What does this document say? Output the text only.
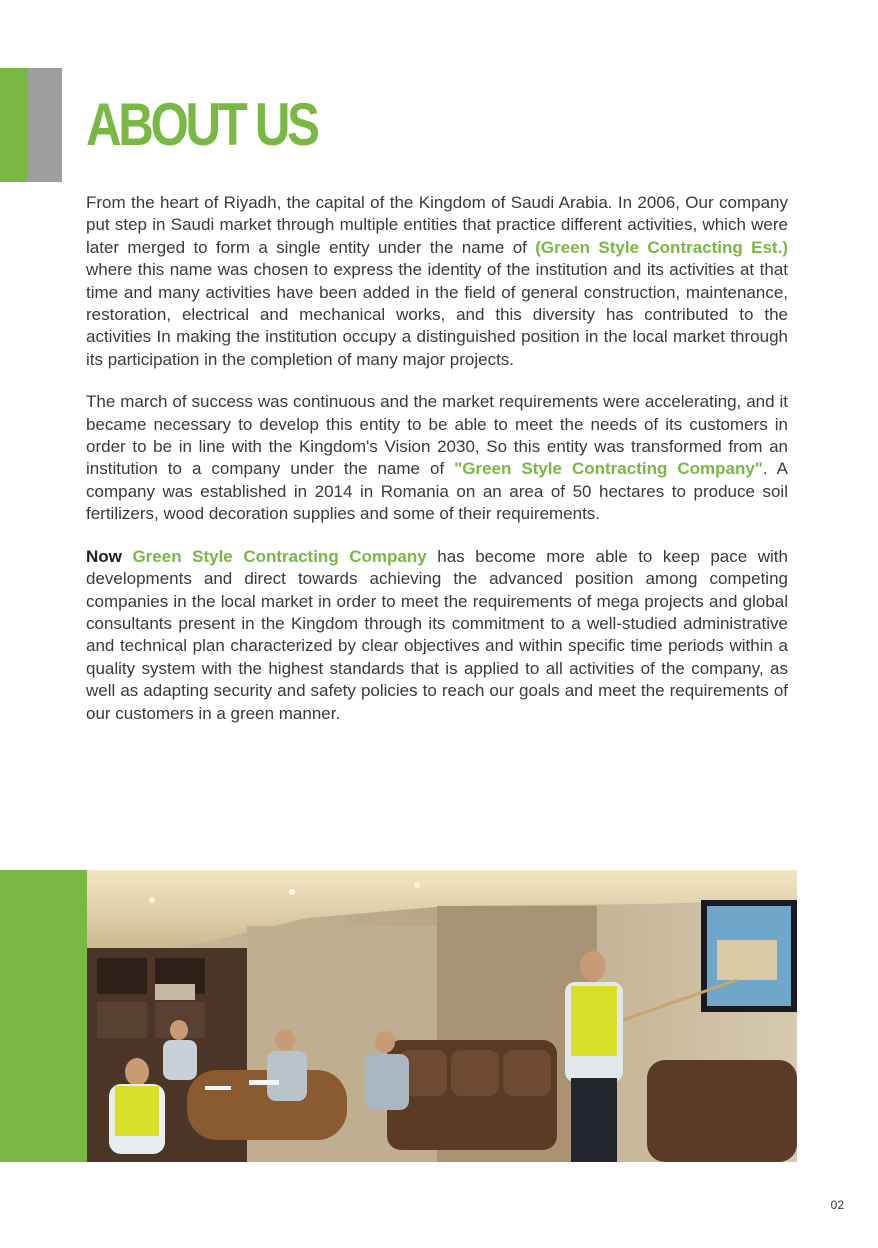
ABOUT US

From the heart of Riyadh, the capital of the Kingdom of Saudi Arabia. In 2006, Our company put step in Saudi market through multiple entities that practice different activities, which were later merged to form a single entity under the name of (Green Style Contracting Est.) where this name was chosen to express the identity of the institution and its activities at that time and many activities have been added in the field of general construction, maintenance, restoration, electrical and mechanical works, and this diversity has contributed to the activities In making the institution occupy a distinguished position in the local market through its participation in the completion of many major projects.

The march of success was continuous and the market requirements were accelerating, and it became necessary to develop this entity to be able to meet the needs of its customers in order to be in line with the Kingdom's Vision 2030, So this entity was transformed from an institution to a company under the name of "Green Style Contracting Company". A company was established in 2014 in Romania on an area of 50 hectares to produce soil fertilizers, wood decoration supplies and some of their requirements.

Now Green Style Contracting Company has become more able to keep pace with developments and direct towards achieving the advanced position among competing companies in the local market in order to meet the requirements of mega projects and global consultants present in the Kingdom through its commitment to a well-studied administrative and technical plan characterized by clear objectives and within specific time periods within a quality system with the highest standards that is applied to all activities of the company, as well as adapting security and safety policies to reach our goals and meet the requirements of our customers in a green manner.

02
